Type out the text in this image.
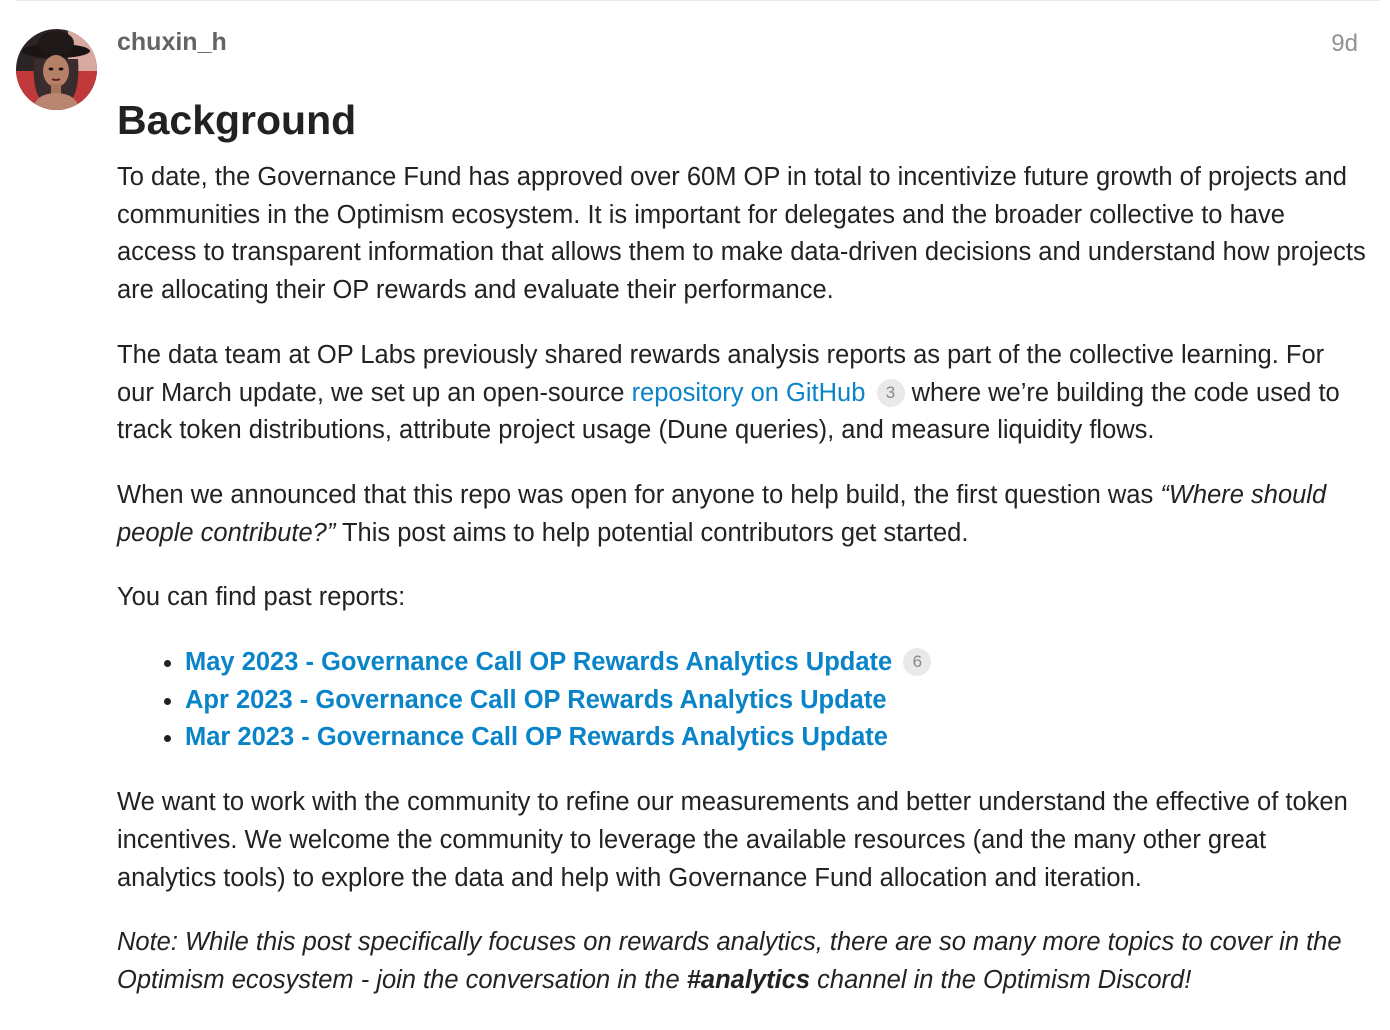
chuxin_h	9d
Background

To date, the Governance Fund has approved over 60M OP in total to incentivize future growth of projects and communities in the Optimism ecosystem. It is important for delegates and the broader collective to have access to transparent information that allows them to make data-driven decisions and understand how projects are allocating their OP rewards and evaluate their performance.

The data team at OP Labs previously shared rewards analysis reports as part of the collective learning. For our March update, we set up an open-source repository on GitHub 3 where we’re building the code used to track token distributions, attribute project usage (Dune queries), and measure liquidity flows.

When we announced that this repo was open for anyone to help build, the first question was “Where should people contribute?” This post aims to help potential contributors get started.

You can find past reports:

• May 2023 - Governance Call OP Rewards Analytics Update 6
• Apr 2023 - Governance Call OP Rewards Analytics Update
• Mar 2023 - Governance Call OP Rewards Analytics Update

We want to work with the community to refine our measurements and better understand the effective of token incentives. We welcome the community to leverage the available resources (and the many other great analytics tools) to explore the data and help with Governance Fund allocation and iteration.

Note: While this post specifically focuses on rewards analytics, there are so many more topics to cover in the Optimism ecosystem - join the conversation in the #analytics channel in the Optimism Discord!
